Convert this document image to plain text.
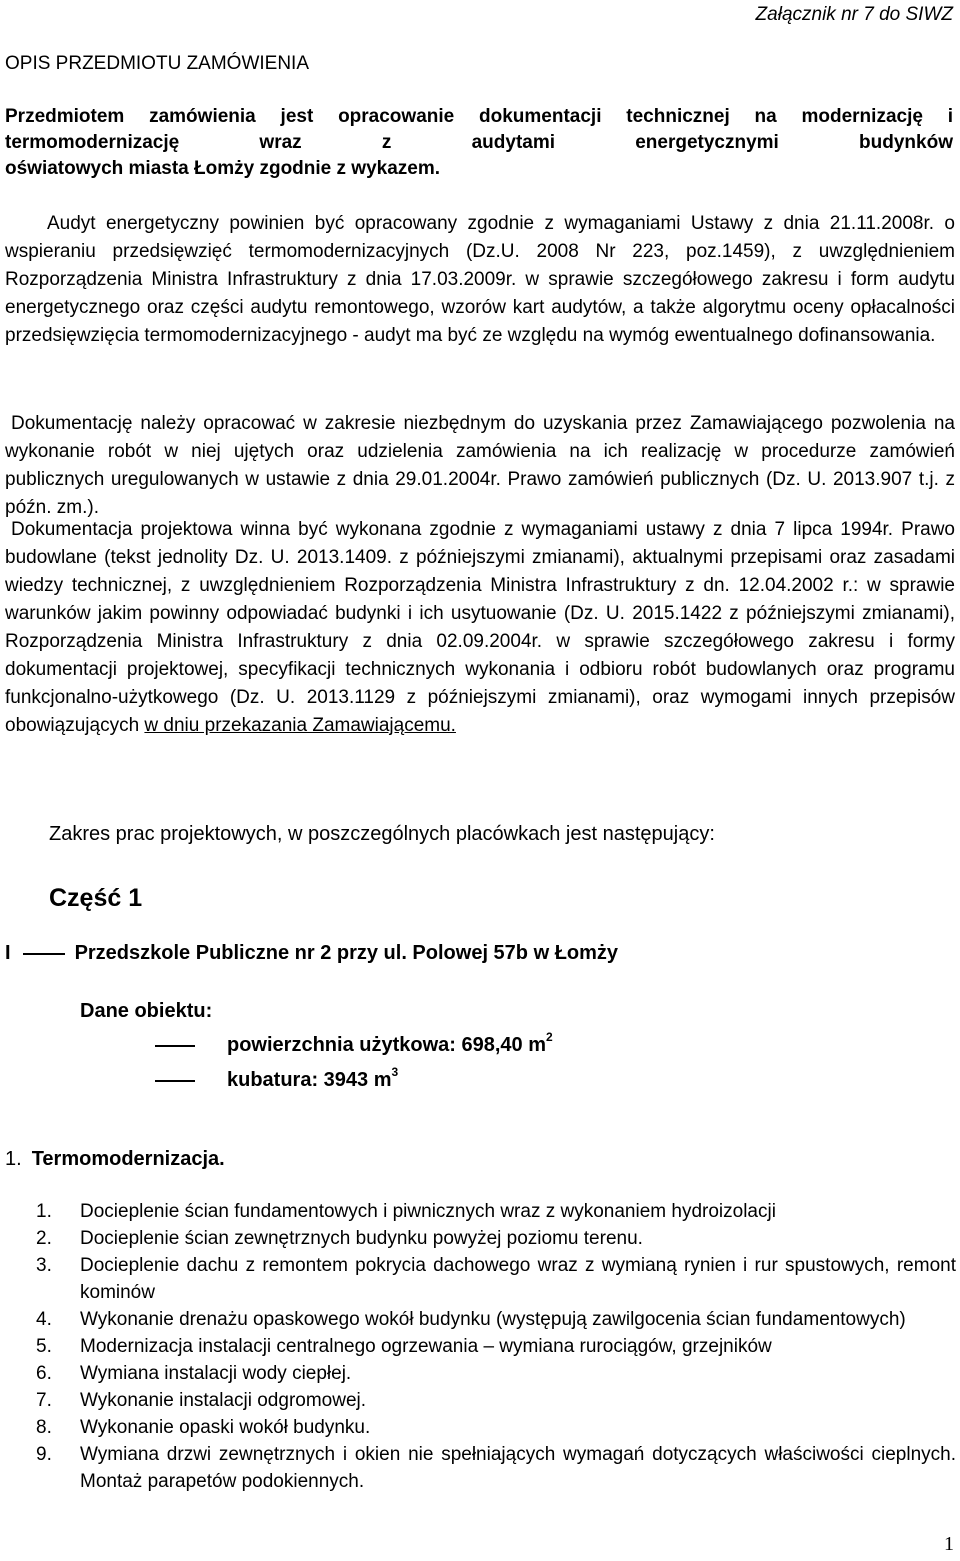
Załącznik nr 7 do SIWZ
OPIS PRZEDMIOTU ZAMÓWIENIA
Przedmiotem zamówienia jest opracowanie dokumentacji technicznej na modernizację i termomodernizację wraz z audytami energetycznymi budynków
oświatowych miasta Łomży zgodnie z wykazem.
Audyt energetyczny powinien być opracowany zgodnie z wymaganiami Ustawy z dnia 21.11.2008r. o wspieraniu przedsięwzięć termomodernizacyjnych (Dz.U. 2008 Nr 223, poz.1459), z uwzględnieniem Rozporządzenia Ministra Infrastruktury z dnia 17.03.2009r. w sprawie szczegółowego zakresu i form audytu energetycznego oraz części audytu remontowego, wzorów kart audytów, a także algorytmu oceny opłacalności przedsięwzięcia termomodernizacyjnego - audyt ma być ze względu na wymóg ewentualnego dofinansowania.
Dokumentację należy opracować w zakresie niezbędnym do uzyskania przez Zamawiającego pozwolenia na wykonanie robót w niej ujętych oraz udzielenia zamówienia na ich realizację w procedurze zamówień publicznych uregulowanych w ustawie z dnia 29.01.2004r. Prawo zamówień publicznych (Dz. U. 2013.907 t.j. z późn. zm.).
Dokumentacja projektowa winna być wykonana zgodnie z wymaganiami ustawy z dnia 7 lipca 1994r. Prawo budowlane (tekst jednolity Dz. U. 2013.1409. z późniejszymi zmianami), aktualnymi przepisami oraz zasadami wiedzy technicznej, z uwzględnieniem Rozporządzenia Ministra Infrastruktury z dn. 12.04.2002 r.: w sprawie warunków jakim powinny odpowiadać budynki i ich usytuowanie (Dz. U. 2015.1422 z późniejszymi zmianami), Rozporządzenia Ministra Infrastruktury z dnia 02.09.2004r. w sprawie szczegółowego zakresu i formy dokumentacji projektowej, specyfikacji technicznych wykonania i odbioru robót budowlanych oraz programu funkcjonalno-użytkowego (Dz. U. 2013.1129 z późniejszymi zmianami), oraz wymogami innych przepisów obowiązujących w dniu przekazania Zamawiającemu.
Zakres prac projektowych, w poszczególnych placówkach jest następujący:
Część 1
I	Przedszkole Publiczne nr 2 przy ul. Polowej 57b w Łomży
Dane obiektu:
powierzchnia użytkowa: 698,40 $m^2$
kubatura: 3943 $m^3$
1. Termomodernizacja.
1.	Docieplenie ścian fundamentowych i piwnicznych wraz z wykonaniem hydroizolacji
2.	Docieplenie ścian zewnętrznych budynku powyżej poziomu terenu.
3.	Docieplenie dachu z remontem pokrycia dachowego wraz z wymianą rynien i rur spustowych, remont kominów
4.	Wykonanie drenażu opaskowego wokół budynku (występują zawilgocenia ścian fundamentowych)
5.	Modernizacja instalacji centralnego ogrzewania – wymiana rurociągów, grzejników
6.	Wymiana instalacji wody ciepłej.
7.	Wykonanie instalacji odgromowej.
8.	Wykonanie opaski wokół budynku.
9.	Wymiana drzwi zewnętrznych i okien nie spełniających wymagań dotyczących właściwości cieplnych. Montaż parapetów podokiennych.
1
